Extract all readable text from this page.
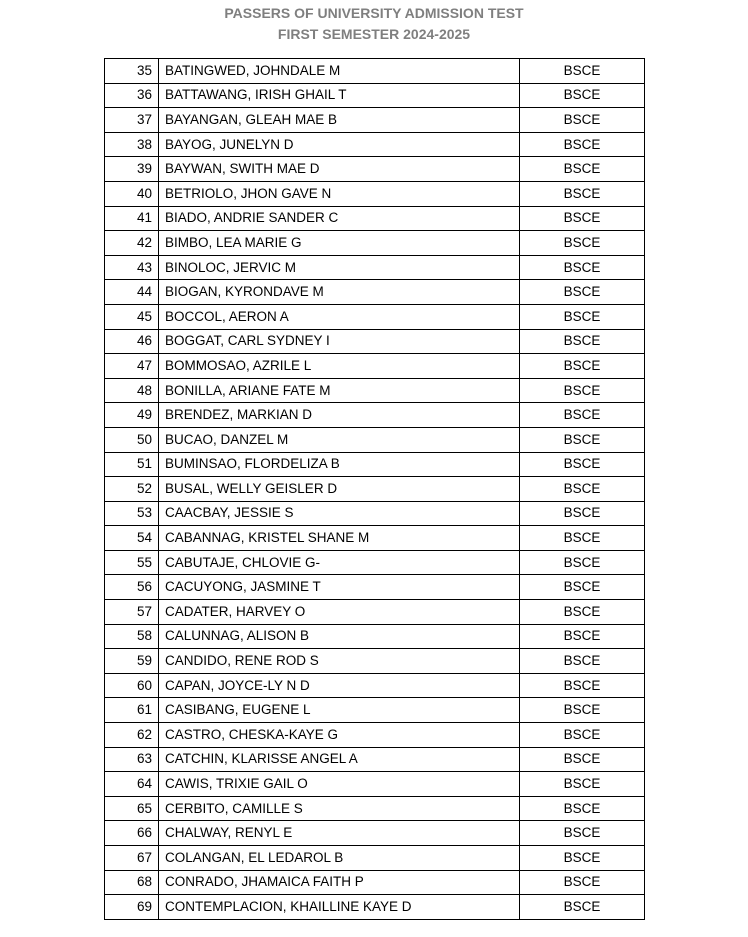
PASSERS OF UNIVERSITY ADMISSION TEST
FIRST SEMESTER 2024-2025
35	BATINGWED, JOHNDALE M	BSCE
36	BATTAWANG, IRISH GHAIL T	BSCE
37	BAYANGAN, GLEAH MAE B	BSCE
38	BAYOG, JUNELYN D	BSCE
39	BAYWAN, SWITH MAE D	BSCE
40	BETRIOLO, JHON GAVE N	BSCE
41	BIADO, ANDRIE SANDER C	BSCE
42	BIMBO, LEA MARIE G	BSCE
43	BINOLOC, JERVIC M	BSCE
44	BIOGAN, KYRONDAVE M	BSCE
45	BOCCOL, AERON A	BSCE
46	BOGGAT, CARL SYDNEY I	BSCE
47	BOMMOSAO, AZRILE L	BSCE
48	BONILLA, ARIANE FATE M	BSCE
49	BRENDEZ, MARKIAN D	BSCE
50	BUCAO, DANZEL M	BSCE
51	BUMINSAO, FLORDELIZA B	BSCE
52	BUSAL, WELLY GEISLER D	BSCE
53	CAACBAY, JESSIE S	BSCE
54	CABANNAG, KRISTEL SHANE M	BSCE
55	CABUTAJE, CHLOVIE G-	BSCE
56	CACUYONG, JASMINE T	BSCE
57	CADATER, HARVEY O	BSCE
58	CALUNNAG, ALISON B	BSCE
59	CANDIDO, RENE ROD S	BSCE
60	CAPAN, JOYCE-LY N D	BSCE
61	CASIBANG, EUGENE L	BSCE
62	CASTRO, CHESKA-KAYE G	BSCE
63	CATCHIN, KLARISSE ANGEL A	BSCE
64	CAWIS, TRIXIE GAIL O	BSCE
65	CERBITO, CAMILLE S	BSCE
66	CHALWAY, RENYL E	BSCE
67	COLANGAN, EL LEDAROL B	BSCE
68	CONRADO, JHAMAICA FAITH P	BSCE
69	CONTEMPLACION, KHAILLINE KAYE D	BSCE
